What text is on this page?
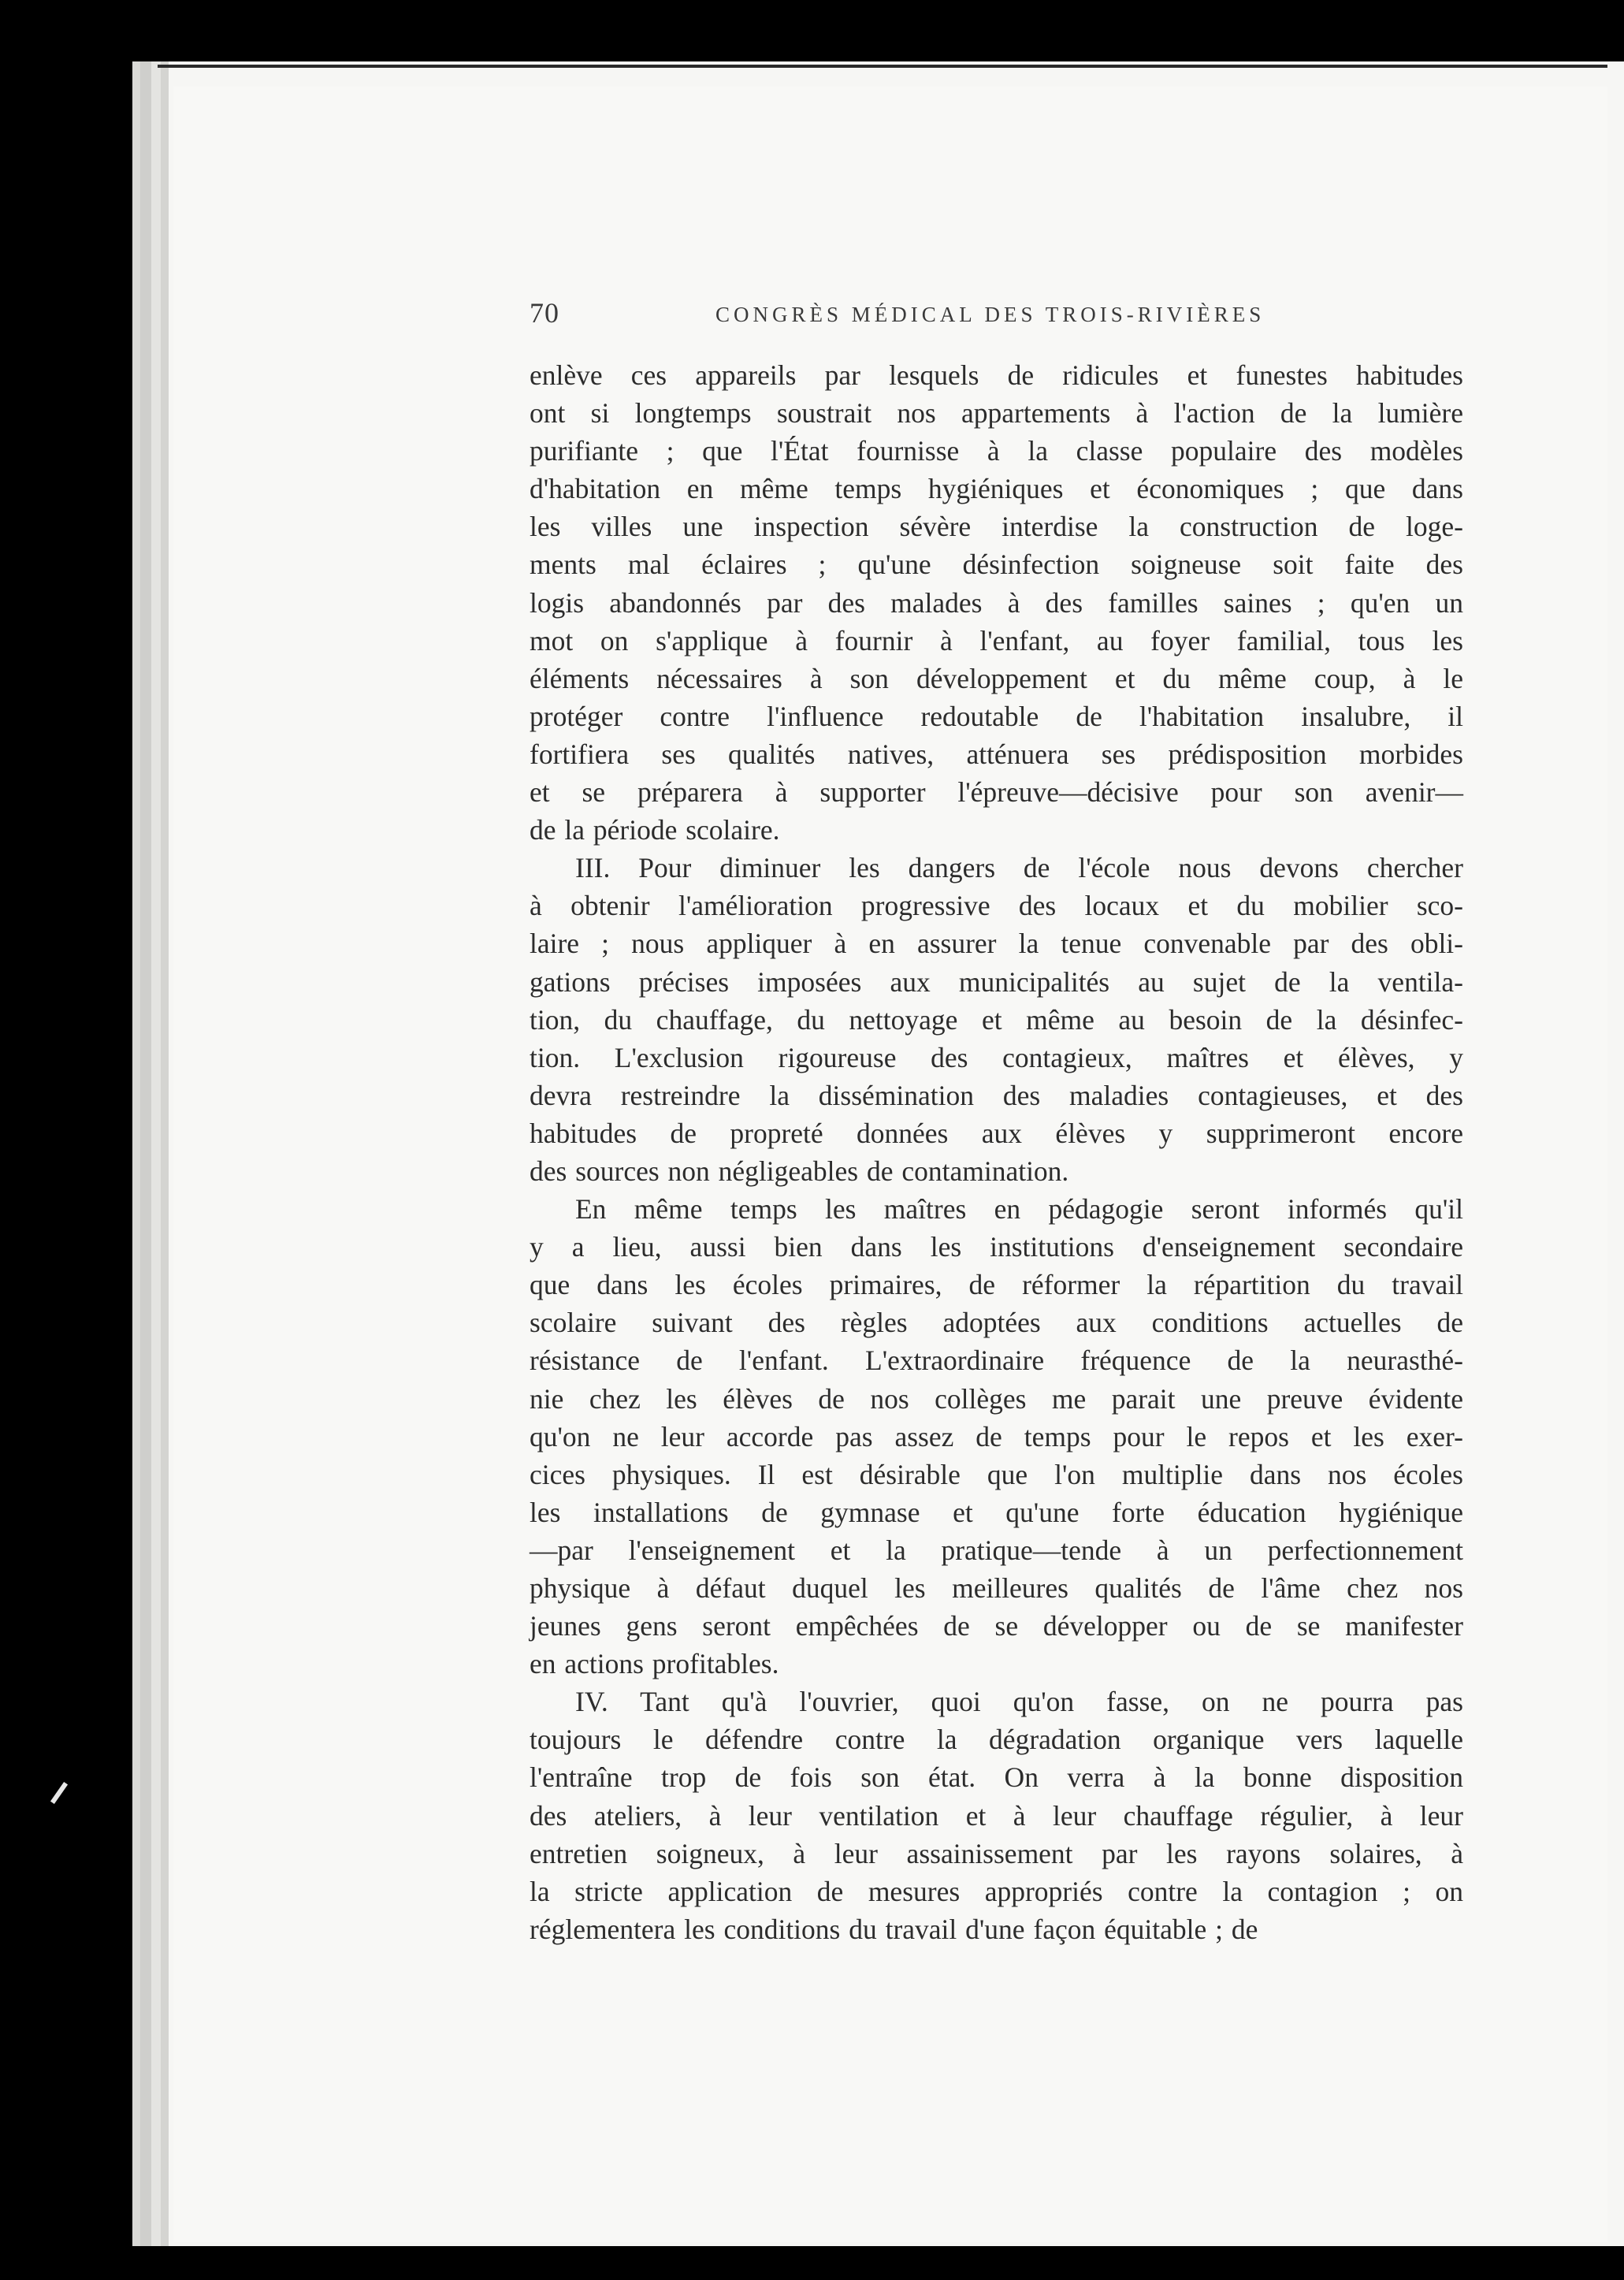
70	CONGRÈS MÉDICAL DES TROIS-RIVIÈRES
enlève ces appareils par lesquels de ridicules et funestes habitudes
ont si longtemps soustrait nos appartements à l'action de la lumière
purifiante ; que l'État fournisse à la classe populaire des modèles
d'habitation en même temps hygiéniques et économiques ; que dans
les villes une inspection sévère interdise la construction de loge-
ments mal éclaires ; qu'une désinfection soigneuse soit faite des
logis abandonnés par des malades à des familles saines ; qu'en un
mot on s'applique à fournir à l'enfant, au foyer familial, tous les
éléments nécessaires à son développement et du même coup, à le
protéger contre l'influence redoutable de l'habitation insalubre, il
fortifiera ses qualités natives, atténuera ses prédisposition morbides
et se préparera à supporter l'épreuve—décisive pour son avenir—
de la période scolaire.
III. Pour diminuer les dangers de l'école nous devons chercher
à obtenir l'amélioration progressive des locaux et du mobilier sco-
laire ; nous appliquer à en assurer la tenue convenable par des obli-
gations précises imposées aux municipalités au sujet de la ventila-
tion, du chauffage, du nettoyage et même au besoin de la désinfec-
tion. L'exclusion rigoureuse des contagieux, maîtres et élèves, y
devra restreindre la dissémination des maladies contagieuses, et des
habitudes de propreté données aux élèves y supprimeront encore
des sources non négligeables de contamination.
En même temps les maîtres en pédagogie seront informés qu'il
y a lieu, aussi bien dans les institutions d'enseignement secondaire
que dans les écoles primaires, de réformer la répartition du travail
scolaire suivant des règles adoptées aux conditions actuelles de
résistance de l'enfant. L'extraordinaire fréquence de la neurasthé-
nie chez les élèves de nos collèges me parait une preuve évidente
qu'on ne leur accorde pas assez de temps pour le repos et les exer-
cices physiques. Il est désirable que l'on multiplie dans nos écoles
les installations de gymnase et qu'une forte éducation hygiénique
—par l'enseignement et la pratique—tende à un perfectionnement
physique à défaut duquel les meilleures qualités de l'âme chez nos
jeunes gens seront empêchées de se développer ou de se manifester
en actions profitables.
IV. Tant qu'à l'ouvrier, quoi qu'on fasse, on ne pourra pas
toujours le défendre contre la dégradation organique vers laquelle
l'entraîne trop de fois son état. On verra à la bonne disposition
des ateliers, à leur ventilation et à leur chauffage régulier, à leur
entretien soigneux, à leur assainissement par les rayons solaires, à
la stricte application de mesures appropriés contre la contagion ; on
réglementera les conditions du travail d'une façon équitable ; de
